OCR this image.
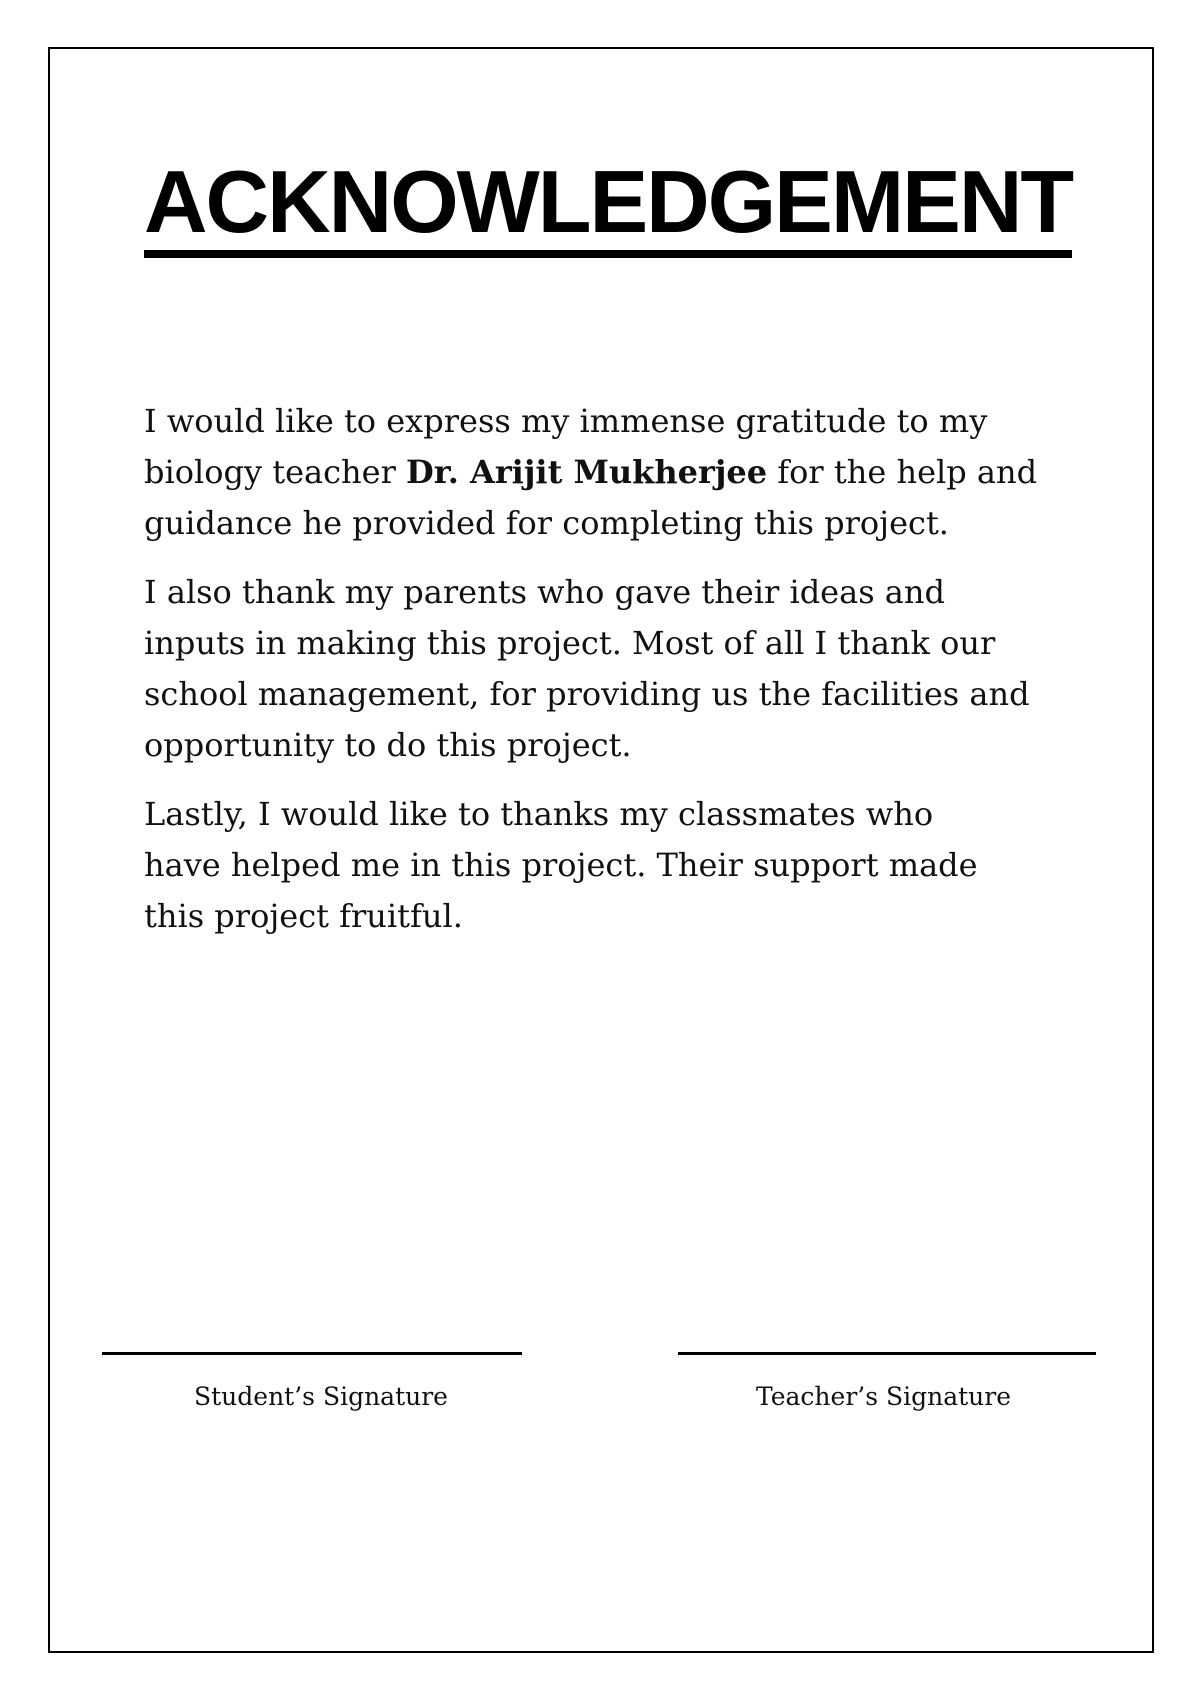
ACKNOWLEDGEMENT

I would like to express my immense gratitude to my
biology teacher Dr. Arijit Mukherjee for the help and
guidance he provided for completing this project.

I also thank my parents who gave their ideas and
inputs in making this project. Most of all I thank our
school management, for providing us the facilities and
opportunity to do this project.

Lastly, I would like to thanks my classmates who
have helped me in this project. Their support made
this project fruitful.

Student’s Signature	Teacher’s Signature
